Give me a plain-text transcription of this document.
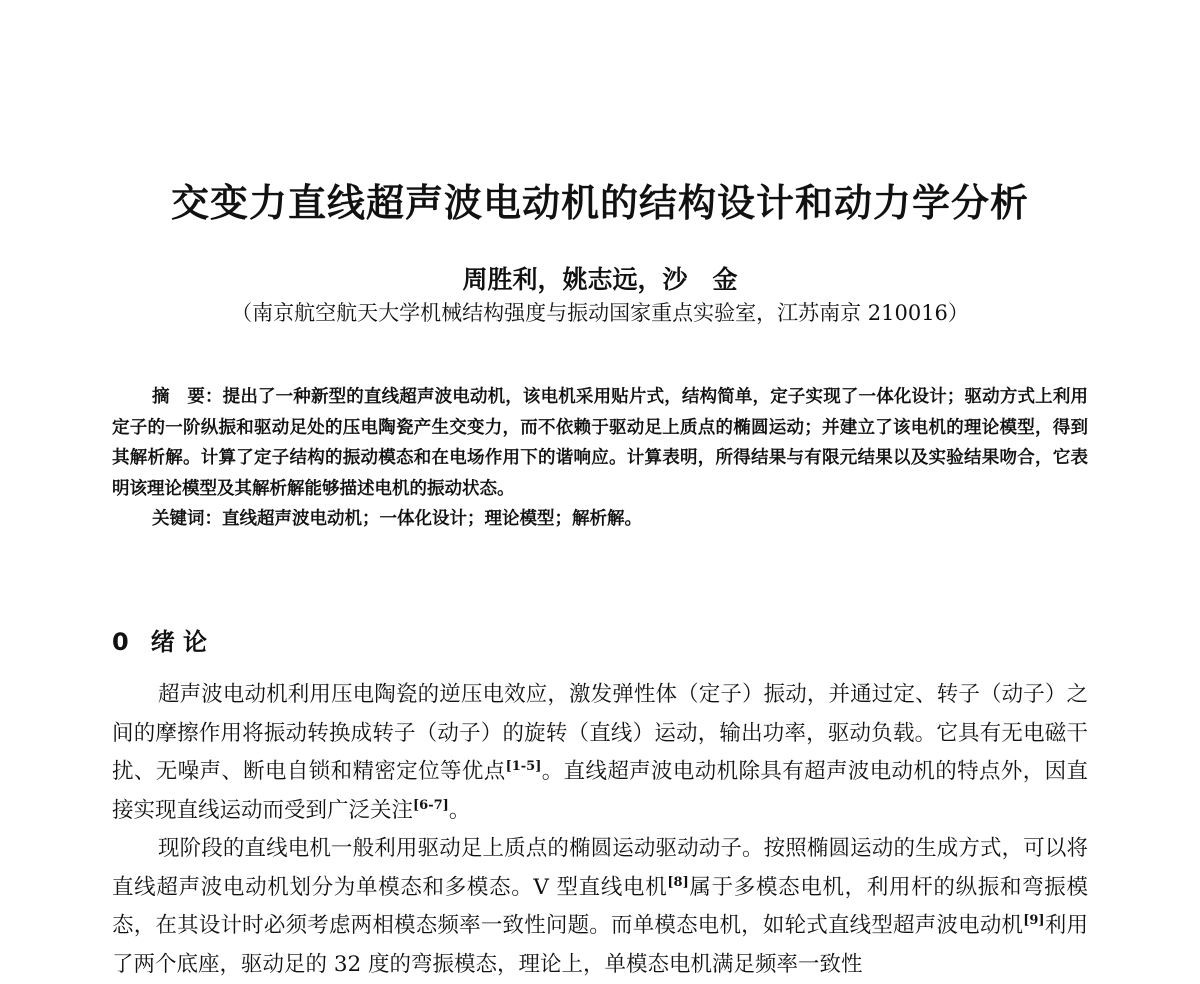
交变力直线超声波电动机的结构设计和动力学分析
周胜利，姚志远，沙　金
（南京航空航天大学机械结构强度与振动国家重点实验室，江苏南京 210016）

摘　要：提出了一种新型的直线超声波电动机，该电机采用贴片式，结构简单，定子实现了一体化设计；驱动方式上利用定子的一阶纵振和驱动足处的压电陶瓷产生交变力，而不依赖于驱动足上质点的椭圆运动；并建立了该电机的理论模型，得到其解析解。计算了定子结构的振动模态和在电场作用下的谐响应。计算表明，所得结果与有限元结果以及实验结果吻合，它表明该理论模型及其解析解能够描述电机的振动状态。

关键词：直线超声波电动机；一体化设计；理论模型；解析解。

0 绪 论

超声波电动机利用压电陶瓷的逆压电效应，激发弹性体（定子）振动，并通过定、转子（动子）之间的摩擦作用将振动转换成转子（动子）的旋转（直线）运动，输出功率，驱动负载。它具有无电磁干扰、无噪声、断电自锁和精密定位等优点[1-5]。直线超声波电动机除具有超声波电动机的特点外，因直接实现直线运动而受到广泛关注[6-7]。

现阶段的直线电机一般利用驱动足上质点的椭圆运动驱动动子。按照椭圆运动的生成方式，可以将直线超声波电动机划分为单模态和多模态。V 型直线电机[8]属于多模态电机，利用杆的纵振和弯振模态，在其设计时必须考虑两相模态频率一致性问题。而单模态电机，如轮式直线型超声波电动机[9]利用了两个底座，驱动足的 32 度的弯振模态，理论上，单模态电机满足频率一致性
